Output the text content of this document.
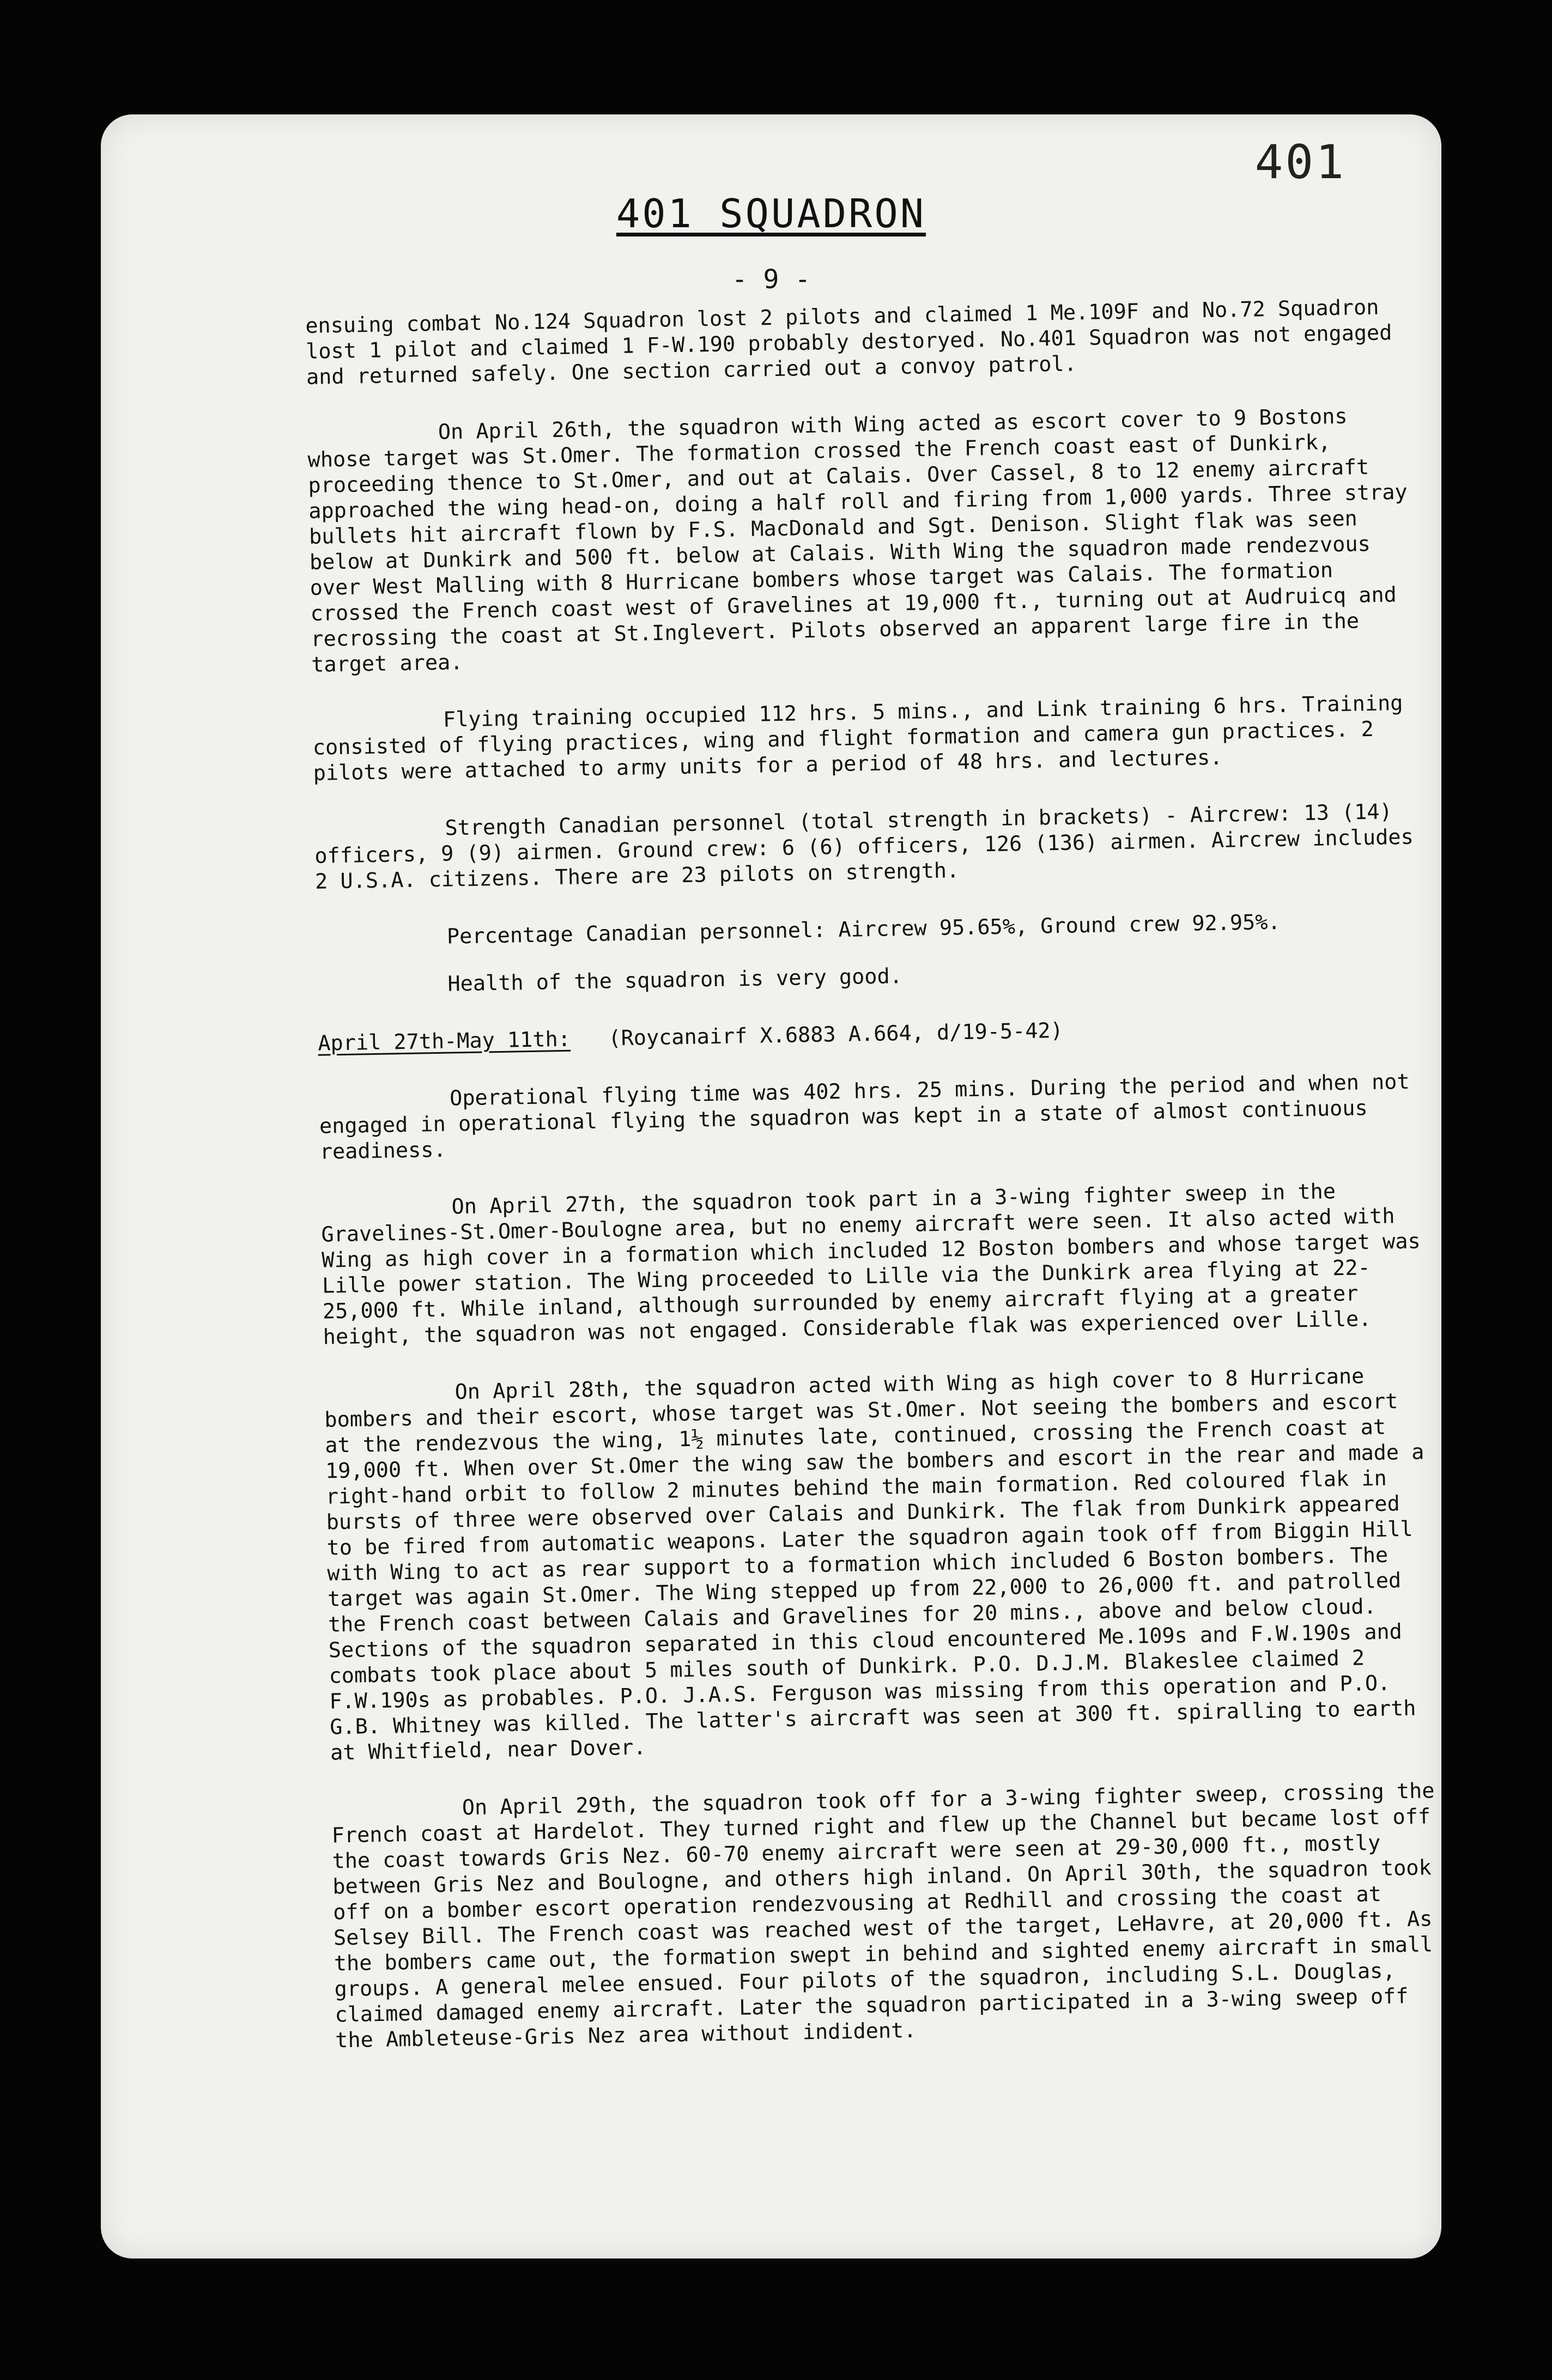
401
401 SQUADRON
- 9 -

ensuing combat No.124 Squadron lost 2 pilots and claimed 1 Me.109F and No.72 Squadron lost 1 pilot and claimed 1 F-W.190 probably destoryed. No.401 Squadron was not engaged and returned safely. One section carried out a convoy patrol.

On April 26th, the squadron with Wing acted as escort cover to 9 Bostons whose target was St.Omer. The formation crossed the French coast east of Dunkirk, proceeding thence to St.Omer, and out at Calais. Over Cassel, 8 to 12 enemy aircraft approached the wing head-on, doing a half roll and firing from 1,000 yards. Three stray bullets hit aircraft flown by F.S. MacDonald and Sgt. Denison. Slight flak was seen below at Dunkirk and 500 ft. below at Calais. With Wing the squadron made rendezvous over West Malling with 8 Hurricane bombers whose target was Calais. The formation crossed the French coast west of Gravelines at 19,000 ft., turning out at Audruicq and recrossing the coast at St.Inglevert. Pilots observed an apparent large fire in the target area.

Flying training occupied 112 hrs. 5 mins., and Link training 6 hrs. Training consisted of flying practices, wing and flight formation and camera gun practices. 2 pilots were attached to army units for a period of 48 hrs. and lectures.

Strength Canadian personnel (total strength in brackets) - Aircrew: 13 (14) officers, 9 (9) airmen. Ground crew: 6 (6) officers, 126 (136) airmen. Aircrew includes 2 U.S.A. citizens. There are 23 pilots on strength.

Percentage Canadian personnel: Aircrew 95.65%, Ground crew 92.95%.

Health of the squadron is very good.

April 27th-May 11th: (Roycanairf X.6883 A.664, d/19-5-42)

Operational flying time was 402 hrs. 25 mins. During the period and when not engaged in operational flying the squadron was kept in a state of almost continuous readiness.

On April 27th, the squadron took part in a 3-wing fighter sweep in the Gravelines-St.Omer-Boulogne area, but no enemy aircraft were seen. It also acted with Wing as high cover in a formation which included 12 Boston bombers and whose target was Lille power station. The Wing proceeded to Lille via the Dunkirk area flying at 22-25,000 ft. While inland, although surrounded by enemy aircraft flying at a greater height, the squadron was not engaged. Considerable flak was experienced over Lille.

On April 28th, the squadron acted with Wing as high cover to 8 Hurricane bombers and their escort, whose target was St.Omer. Not seeing the bombers and escort at the rendezvous the wing, 1½ minutes late, continued, crossing the French coast at 19,000 ft. When over St.Omer the wing saw the bombers and escort in the rear and made a right-hand orbit to follow 2 minutes behind the main formation. Red coloured flak in bursts of three were observed over Calais and Dunkirk. The flak from Dunkirk appeared to be fired from automatic weapons. Later the squadron again took off from Biggin Hill with Wing to act as rear support to a formation which included 6 Boston bombers. The target was again St.Omer. The Wing stepped up from 22,000 to 26,000 ft. and patrolled the French coast between Calais and Gravelines for 20 mins., above and below cloud. Sections of the squadron separated in this cloud encountered Me.109s and F.W.190s and combats took place about 5 miles south of Dunkirk. P.O. D.J.M. Blakeslee claimed 2 F.W.190s as probables. P.O. J.A.S. Ferguson was missing from this operation and P.O. G.B. Whitney was killed. The latter's aircraft was seen at 300 ft. spiralling to earth at Whitfield, near Dover.

On April 29th, the squadron took off for a 3-wing fighter sweep, crossing the French coast at Hardelot. They turned right and flew up the Channel but became lost off the coast towards Gris Nez. 60-70 enemy aircraft were seen at 29-30,000 ft., mostly between Gris Nez and Boulogne, and others high inland. On April 30th, the squadron took off on a bomber escort operation rendezvousing at Redhill and crossing the coast at Selsey Bill. The French coast was reached west of the target, LeHavre, at 20,000 ft. As the bombers came out, the formation swept in behind and sighted enemy aircraft in small groups. A general melee ensued. Four pilots of the squadron, including S.L. Douglas, claimed damaged enemy aircraft. Later the squadron participated in a 3-wing sweep off the Ambleteuse-Gris Nez area without indident.
